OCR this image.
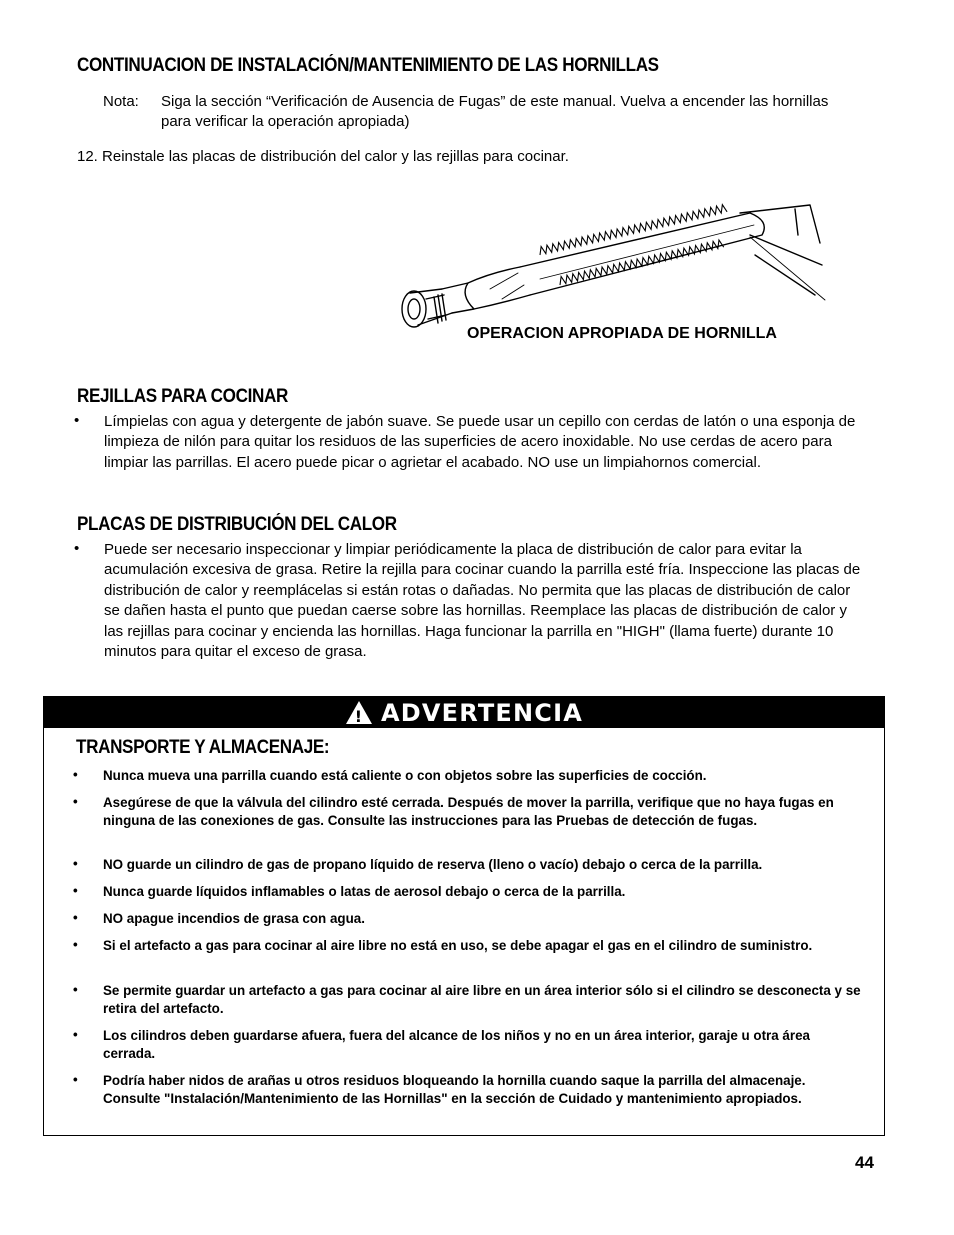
CONTINUACION DE INSTALACIÓN/MANTENIMIENTO DE LAS HORNILLAS
Nota: Siga la sección “Verificación de Ausencia de Fugas” de este manual. Vuelva a encender las hornillas para verificar la operación apropiada)
12. Reinstale las placas de distribución del calor y las rejillas para cocinar.
OPERACION APROPIADA DE HORNILLA
REJILLAS PARA COCINAR
• Límpielas con agua y detergente de jabón suave. Se puede usar un cepillo con cerdas de latón o una esponja de limpieza de nilón para quitar los residuos de las superficies de acero inoxidable. No use cerdas de acero para limpiar las parrillas. El acero puede picar o agrietar el acabado. NO use un limpiahornos comercial.
PLACAS DE DISTRIBUCIÓN DEL CALOR
• Puede ser necesario inspeccionar y limpiar periódicamente la placa de distribución de calor para evitar la acumulación excesiva de grasa. Retire la rejilla para cocinar cuando la parrilla esté fría. Inspeccione las placas de distribución de calor y reemplácelas si están rotas o dañadas. No permita que las placas de distribución de calor se dañen hasta el punto que puedan caerse sobre las hornillas. Reemplace las placas de distribución de calor y las rejillas para cocinar y encienda las hornillas. Haga funcionar la parrilla en "HIGH" (llama fuerte) durante 10 minutos para quitar el exceso de grasa.
! ADVERTENCIA
TRANSPORTE Y ALMACENAJE:
• Nunca mueva una parrilla cuando está caliente o con objetos sobre las superficies de cocción.
• Asegúrese de que la válvula del cilindro esté cerrada. Después de mover la parrilla, verifique que no haya fugas en ninguna de las conexiones de gas. Consulte las instrucciones para las Pruebas de detección de fugas.
• NO guarde un cilindro de gas de propano líquido de reserva (lleno o vacío) debajo o cerca de la parrilla.
• Nunca guarde líquidos inflamables o latas de aerosol debajo o cerca de la parrilla.
• NO apague incendios de grasa con agua.
• Si el artefacto a gas para cocinar al aire libre no está en uso, se debe apagar el gas en el cilindro de suministro.
• Se permite guardar un artefacto a gas para cocinar al aire libre en un área interior sólo si el cilindro se desconecta y se retira del artefacto.
• Los cilindros deben guardarse afuera, fuera del alcance de los niños y no en un área interior, garaje u otra área cerrada.
• Podría haber nidos de arañas u otros residuos bloqueando la hornilla cuando saque la parrilla del almacenaje. Consulte "Instalación/Mantenimiento de las Hornillas" en la sección de Cuidado y mantenimiento apropiados.
44
